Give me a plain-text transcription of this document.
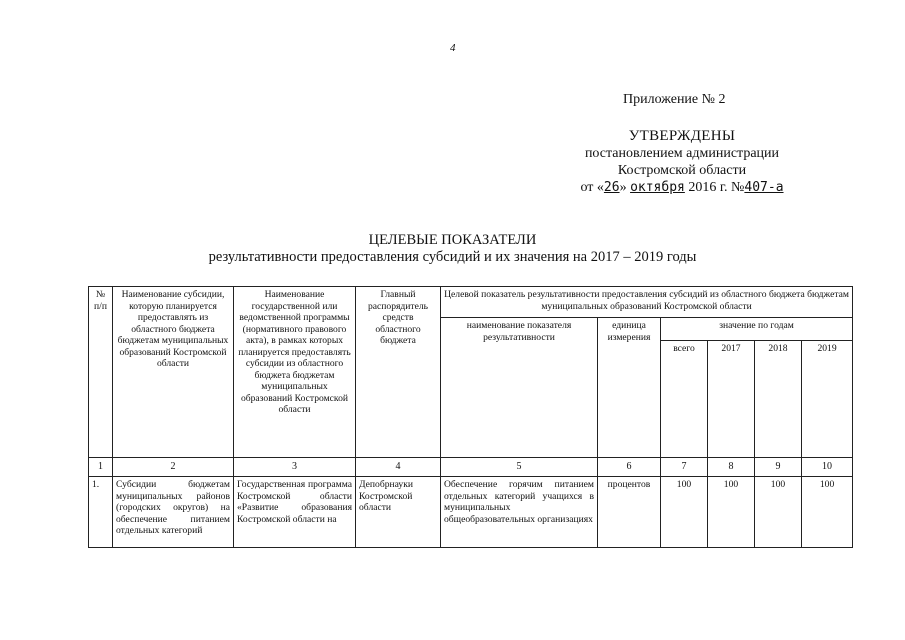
4
Приложение № 2
УТВЕРЖДЕНЫ
постановлением администрации
Костромской области
от «26» октября 2016 г. №407-а
ЦЕЛЕВЫЕ ПОКАЗАТЕЛИ
результативности предоставления субсидий и их значения на 2017 – 2019 годы
№ п/п	Наименование субсидии, которую планируется предоставлять из областного бюджета бюджетам муниципальных образований Костромской области	Наименование государственной или ведомственной программы (нормативного правового акта), в рамках которых планируется предоставлять субсидии из областного бюджета бюджетам муниципальных образований Костромской области	Главный распорядитель средств областного бюджета	Целевой показатель результативности предоставления субсидий из областного бюджета бюджетам муниципальных образований Костромской области					
				наименование показателя результативности	единица измерения	значение по годам			
						всего	2017	2018	2019
1	2	3	4	5	6	7	8	9	10
1.	Субсидии бюджетам муниципальных районов (городских округов) на обеспечение питанием отдельных категорий	Государственная программа Костромской области «Развитие образования Костромской области на	Депобрнауки Костромской области	Обеспечение горячим питанием отдельных категорий учащихся в муниципальных общеобразовательных организациях	процентов	100	100	100	100
